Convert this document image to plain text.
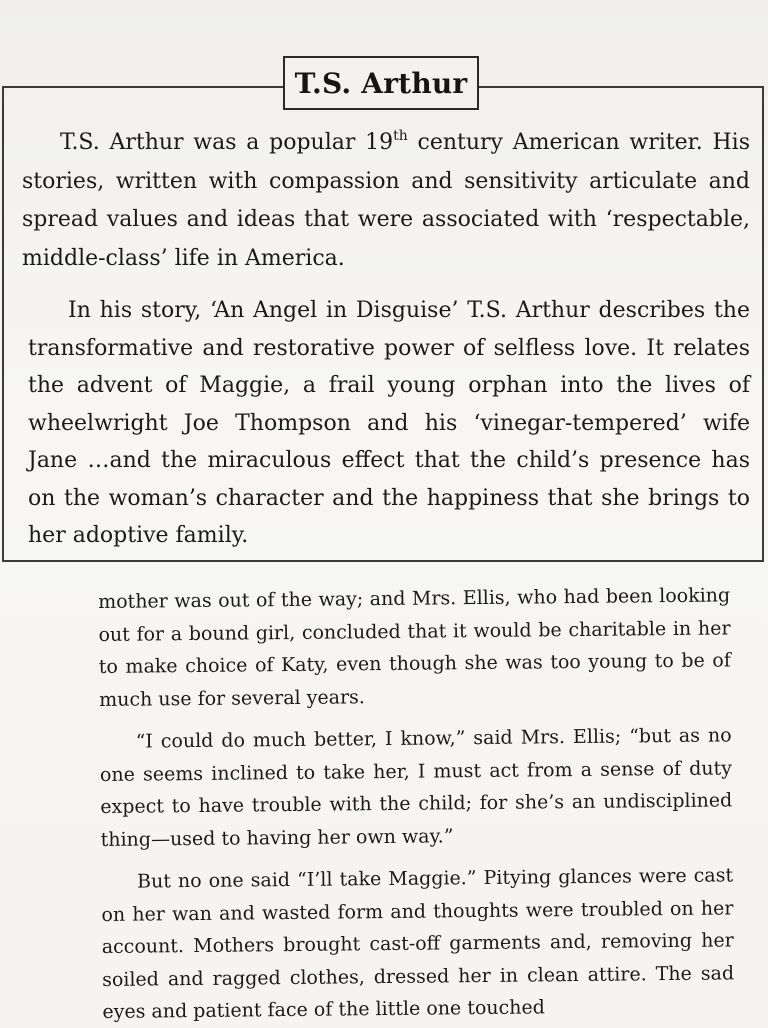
T.S. Arthur

T.S. Arthur was a popular 19th century American writer. His stories, written with compassion and sensitivity articulate and spread values and ideas that were associated with ‘respectable, middle-class’ life in America.

In his story, ‘An Angel in Disguise’ T.S. Arthur describes the transformative and restorative power of selfless love. It relates the advent of Maggie, a frail young orphan into the lives of wheelwright Joe Thompson and his ‘vinegar-tempered’ wife Jane …and the miraculous effect that the child’s presence has on the woman’s character and the happiness that she brings to her adoptive family.

mother was out of the way; and Mrs. Ellis, who had been looking out for a bound girl, concluded that it would be charitable in her to make choice of Katy, even though she was too young to be of much use for several years.

“I could do much better, I know,” said Mrs. Ellis; “but as no one seems inclined to take her, I must act from a sense of duty expect to have trouble with the child; for she’s an undisciplined thing—used to having her own way.”

But no one said “I’ll take Maggie.” Pitying glances were cast on her wan and wasted form and thoughts were troubled on her account. Mothers brought cast-off garments and, removing her soiled and ragged clothes, dressed her in clean attire. The sad eyes and patient face of the little one touched
